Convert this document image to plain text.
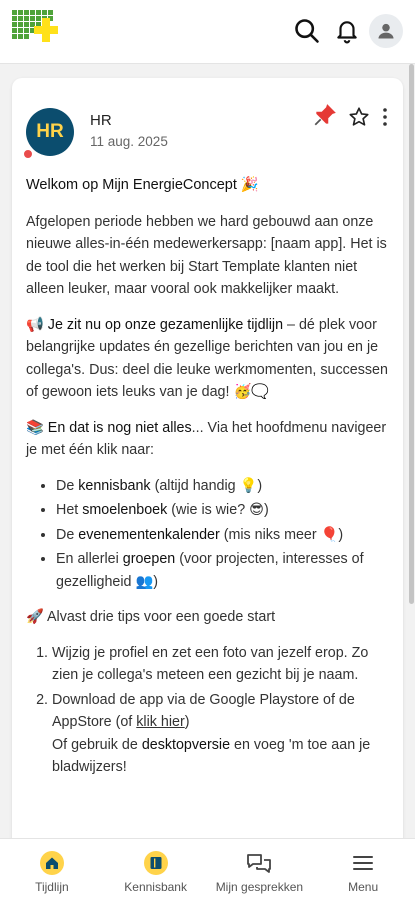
HR
HR
11 aug. 2025

Welkom op Mijn EnergieConcept 🎉

Afgelopen periode hebben we hard gebouwd aan onze nieuwe alles-in-één medewerkersapp: [naam app]. Het is de tool die het werken bij Start Template klanten niet alleen leuker, maar vooral ook makkelijker maakt.

📢 Je zit nu op onze gezamenlijke tijdlijn – dé plek voor belangrijke updates én gezellige berichten van jou en je collega's. Dus: deel die leuke werkmomenten, successen of gewoon iets leuks van je dag! 🥳🗨️

📚 En dat is nog niet alles... Via het hoofdmenu navigeer je met één klik naar:

• De kennisbank (altijd handig 💡)
• Het smoelenboek (wie is wie? 😎)
• De evenementenkalender (mis niks meer 🎈)
• En allerlei groepen (voor projecten, interesses of gezelligheid 👥)

🚀 Alvast drie tips voor een goede start

1. Wijzig je profiel en zet een foto van jezelf erop. Zo zien je collega's meteen een gezicht bij je naam.
2. Download de app via de Google Playstore of de AppStore (of klik hier)
Of gebruik de desktopversie en voeg 'm toe aan je bladwijzers!
Tijdlijn	Kennisbank Mijn gesprekken	Menu
